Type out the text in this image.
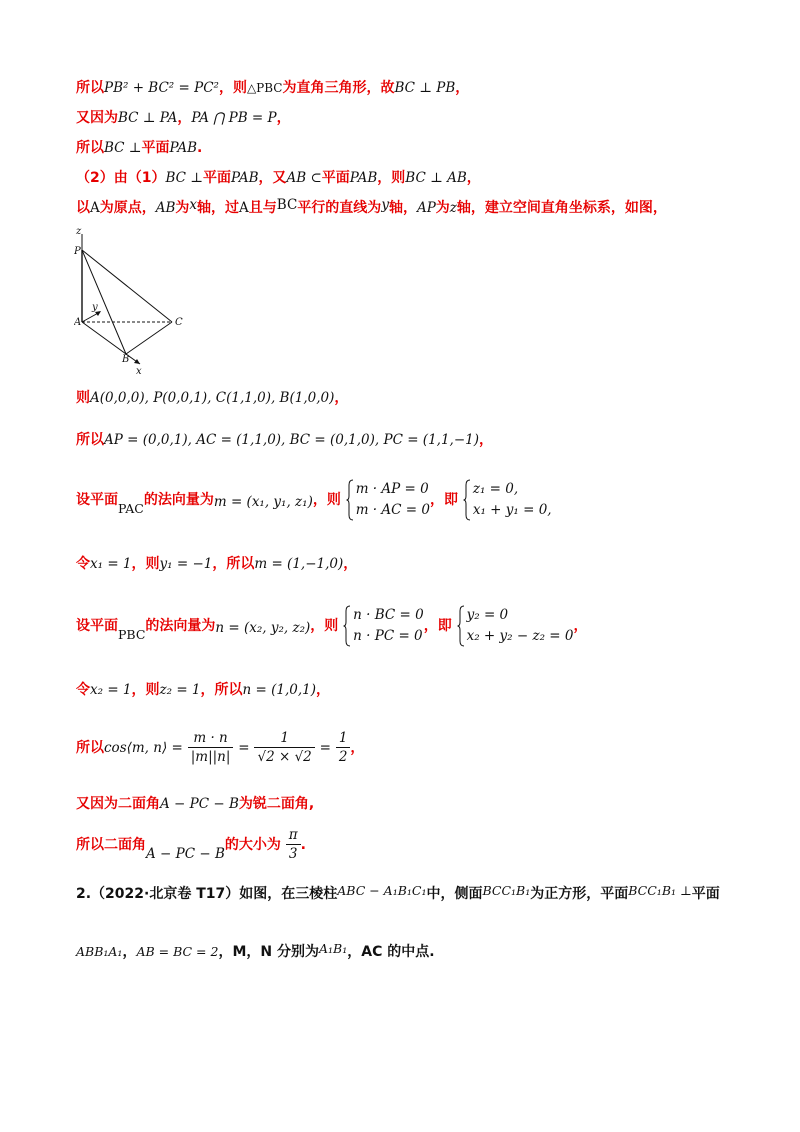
所以PB² + BC² = PC²，则△PBC为直角三角形，故BC ⊥ PB，
又因为BC ⊥ PA，PA ⋂ PB = P，
所以BC ⊥平面PAB.
（2）由（1）BC ⊥平面PAB，又AB ⊂平面PAB，则BC ⊥ AB，
以A为原点，AB为x轴，过A且与BC平行的直线为y轴，AP为z轴，建立空间直角坐标系，如图，
z
P
y
A	C
B
x
则A(0,0,0), P(0,0,1), C(1,1,0), B(1,0,0)，
所以AP = (0,0,1), AC = (1,1,0), BC = (0,1,0), PC = (1,1,−1)，
设平面PAC的法向量为m = (x₁, y₁, z₁)，则
m · AP = 0
m · AC = 0
，即
z₁ = 0,
x₁ + y₁ = 0,
令x₁ = 1，则y₁ = −1，所以m = (1,−1,0)，
设平面PBC的法向量为n = (x₂, y₂, z₂)，则
n · BC = 0
n · PC = 0
，即
y₂ = 0
x₂ + y₂ − z₂ = 0
，
令x₂ = 1，则z₂ = 1，所以n = (1,0,1)，
所以cos⟨m, n⟩ = $\frac{m \cdot n}{|m||n|} = \frac{1}{√2 \times √2} = \frac{1}{2}$ ，
又因为二面角A − PC − B为锐二面角,
所以二面角A − PC − B的大小为 $\frac{\pi}{3}$ .
2.（2022·北京卷 T17）如图，在三棱柱ABC − A₁B₁C₁中，侧面BCC₁B₁为正方形，平面BCC₁B₁ ⊥平面
ABB₁A₁，AB = BC = 2，M，N 分别为A₁B₁，AC 的中点.
